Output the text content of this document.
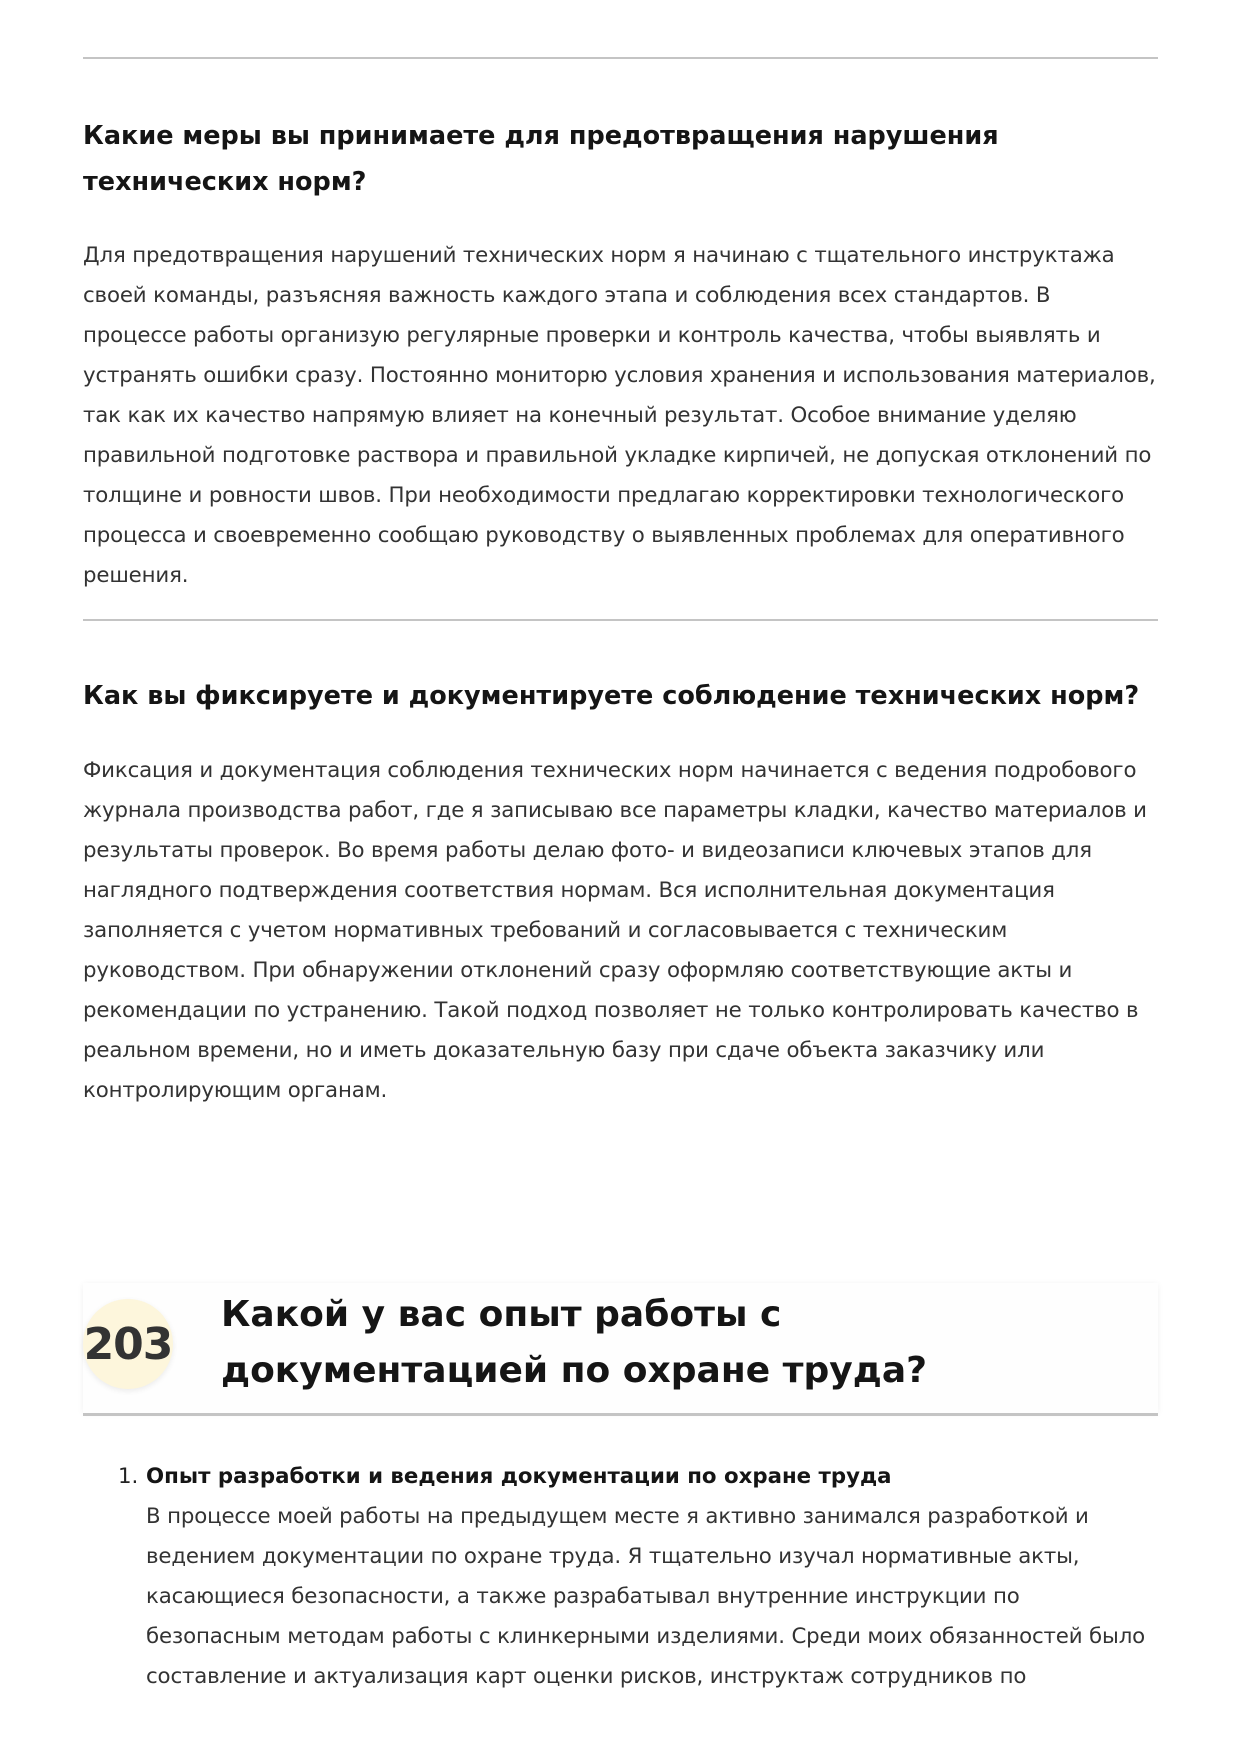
Какие меры вы принимаете для предотвращения нарушения технических норм?

Для предотвращения нарушений технических норм я начинаю с тщательного инструктажа своей команды, разъясняя важность каждого этапа и соблюдения всех стандартов. В процессе работы организую регулярные проверки и контроль качества, чтобы выявлять и устранять ошибки сразу. Постоянно мониторю условия хранения и использования материалов, так как их качество напрямую влияет на конечный результат. Особое внимание уделяю правильной подготовке раствора и правильной укладке кирпичей, не допуская отклонений по толщине и ровности швов. При необходимости предлагаю корректировки технологического процесса и своевременно сообщаю руководству о выявленных проблемах для оперативного решения.

Как вы фиксируете и документируете соблюдение технических норм?

Фиксация и документация соблюдения технических норм начинается с ведения подробового журнала производства работ, где я записываю все параметры кладки, качество материалов и результаты проверок. Во время работы делаю фото- и видеозаписи ключевых этапов для наглядного подтверждения соответствия нормам. Вся исполнительная документация заполняется с учетом нормативных требований и согласовывается с техническим руководством. При обнаружении отклонений сразу оформляю соответствующие акты и рекомендации по устранению. Такой подход позволяет не только контролировать качество в реальном времени, но и иметь доказательную базу при сдаче объекта заказчику или контролирующим органам.

203
Какой у вас опыт работы с документацией по охране труда?
1. Опыт разработки и ведения документации по охране труда
В процессе моей работы на предыдущем месте я активно занимался разработкой и ведением документации по охране труда. Я тщательно изучал нормативные акты, касающиеся безопасности, а также разрабатывал внутренние инструкции по безопасным методам работы с клинкерными изделиями. Среди моих обязанностей было составление и актуализация карт оценки рисков, инструктаж сотрудников по
